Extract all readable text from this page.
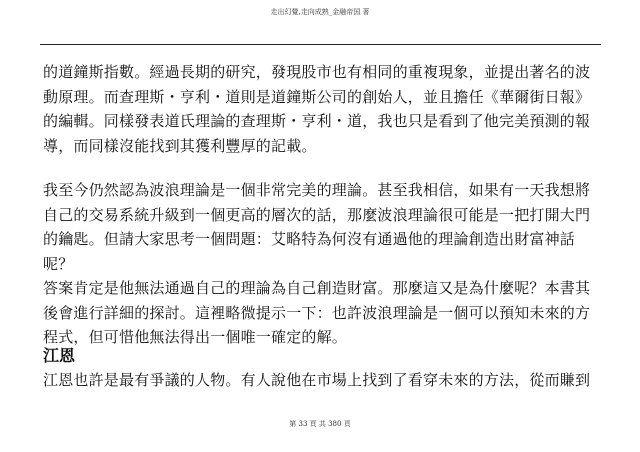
走出幻覺,走向成熟_金融帝国 著
的道鐘斯指數。經過長期的研究，發現股市也有相同的重複現象，並提出著名的波
動原理。而查理斯・亨利・道則是道鐘斯公司的創始人，並且擔任《華爾街日報》
的編輯。同樣發表道氏理論的查理斯・亨利・道，我也只是看到了他完美預測的報
導，而同樣沒能找到其獲利豐厚的記載。
我至今仍然認為波浪理論是一個非常完美的理論。甚至我相信，如果有一天我想將
自己的交易系統升級到一個更高的層次的話，那麼波浪理論很可能是一把打開大門
的鑰匙。但請大家思考一個問題：艾略特為何沒有通過他的理論創造出財富神話呢？
答案肯定是他無法通過自己的理論為自己創造財富。那麼這又是為什麼呢？本書其
後會進行詳細的探討。這裡略微提示一下：也許波浪理論是一個可以預知未來的方
程式，但可惜他無法得出一個唯一確定的解。
江恩
江恩也許是最有爭議的人物。有人說他在市場上找到了看穿未來的方法，從而賺到
第 33 頁 共 380 頁
